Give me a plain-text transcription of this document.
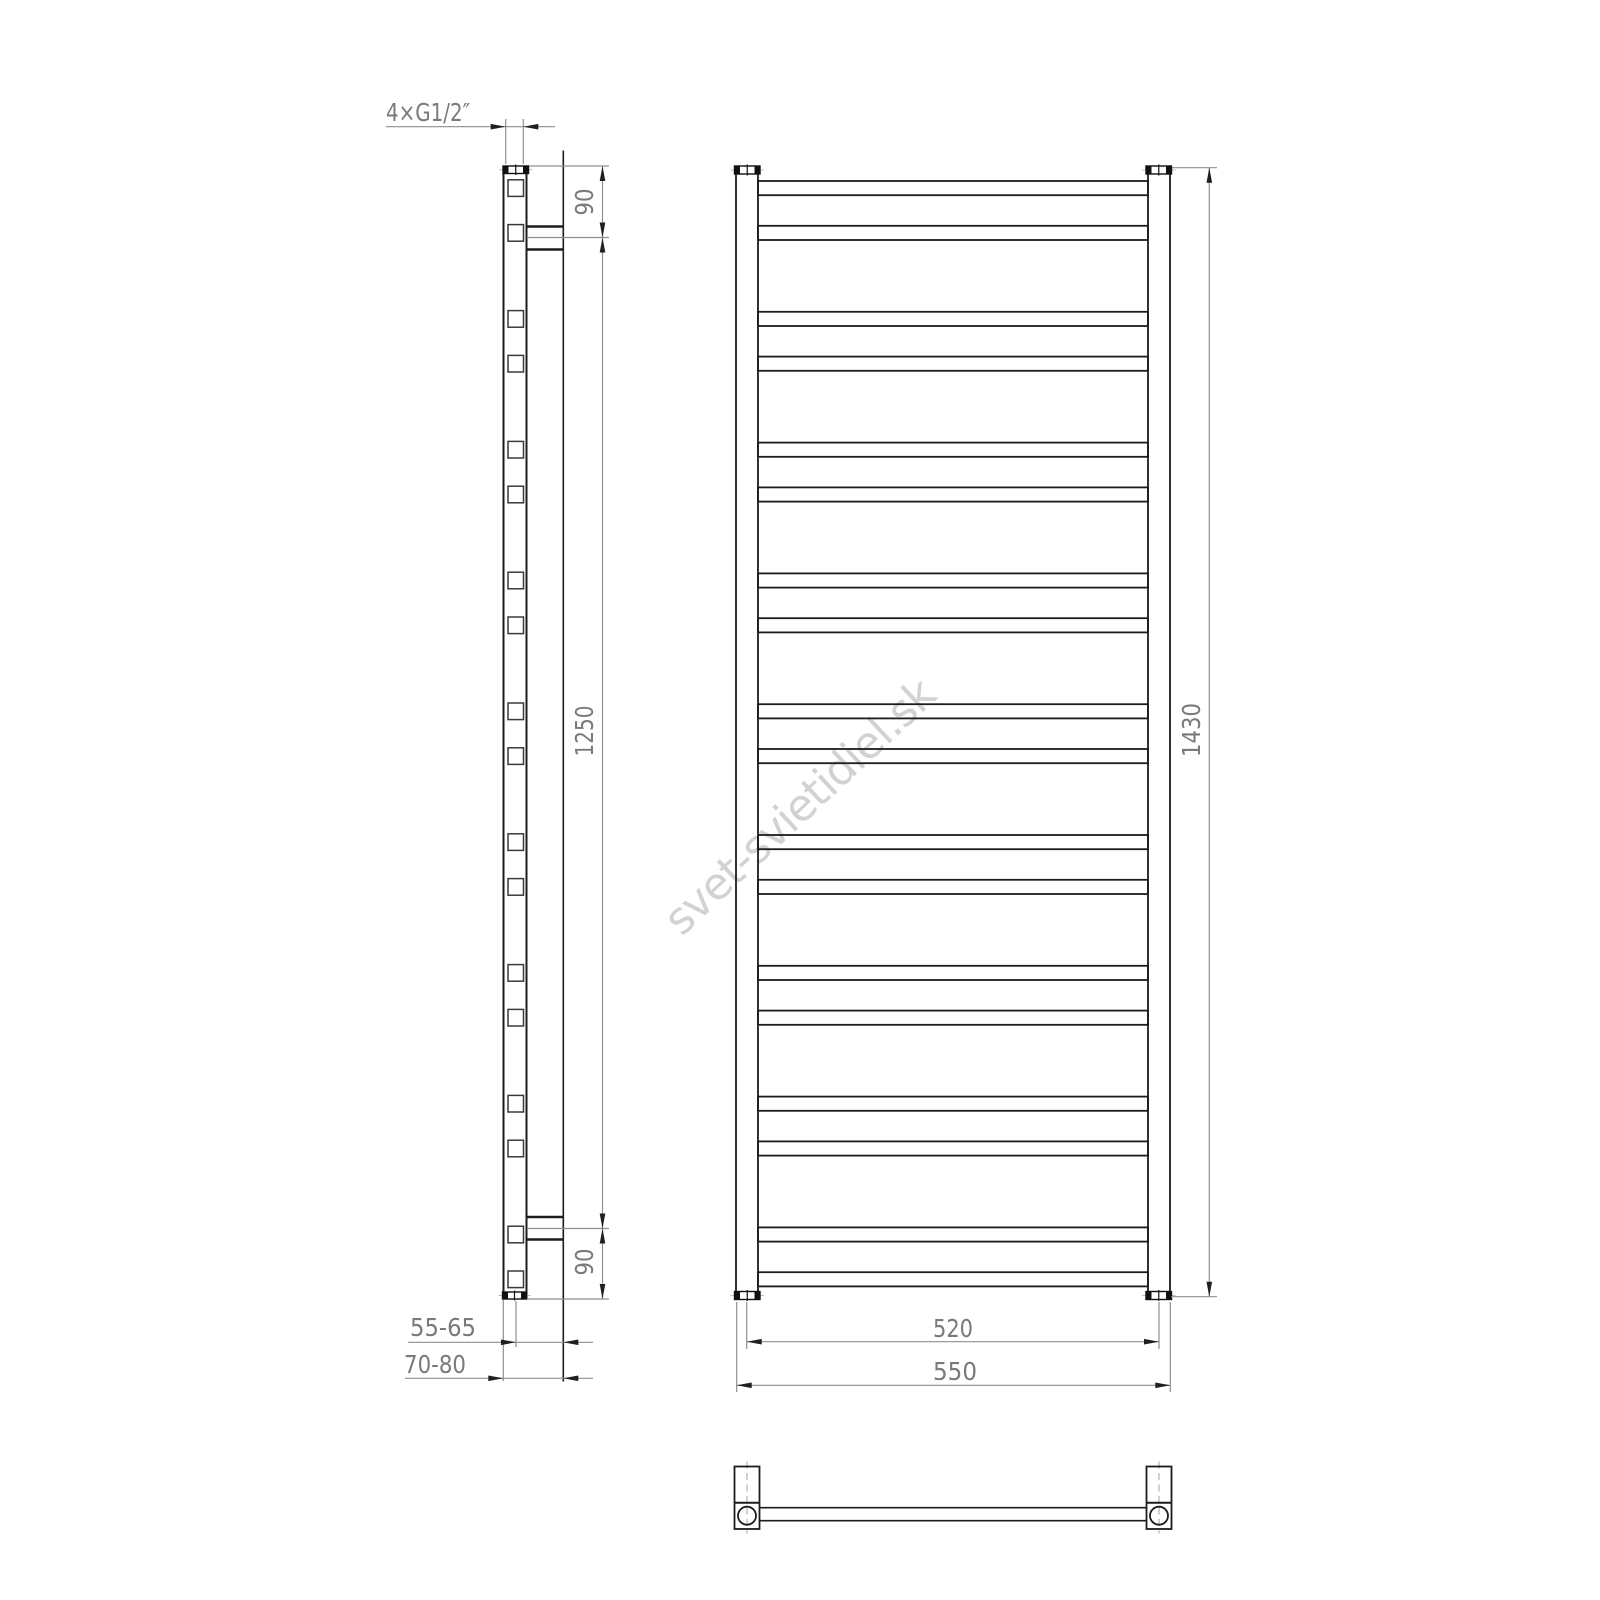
svet-svietidiel.sk
4×G1/2″
90
1250
90
1430
520
550
55-65
70-80
